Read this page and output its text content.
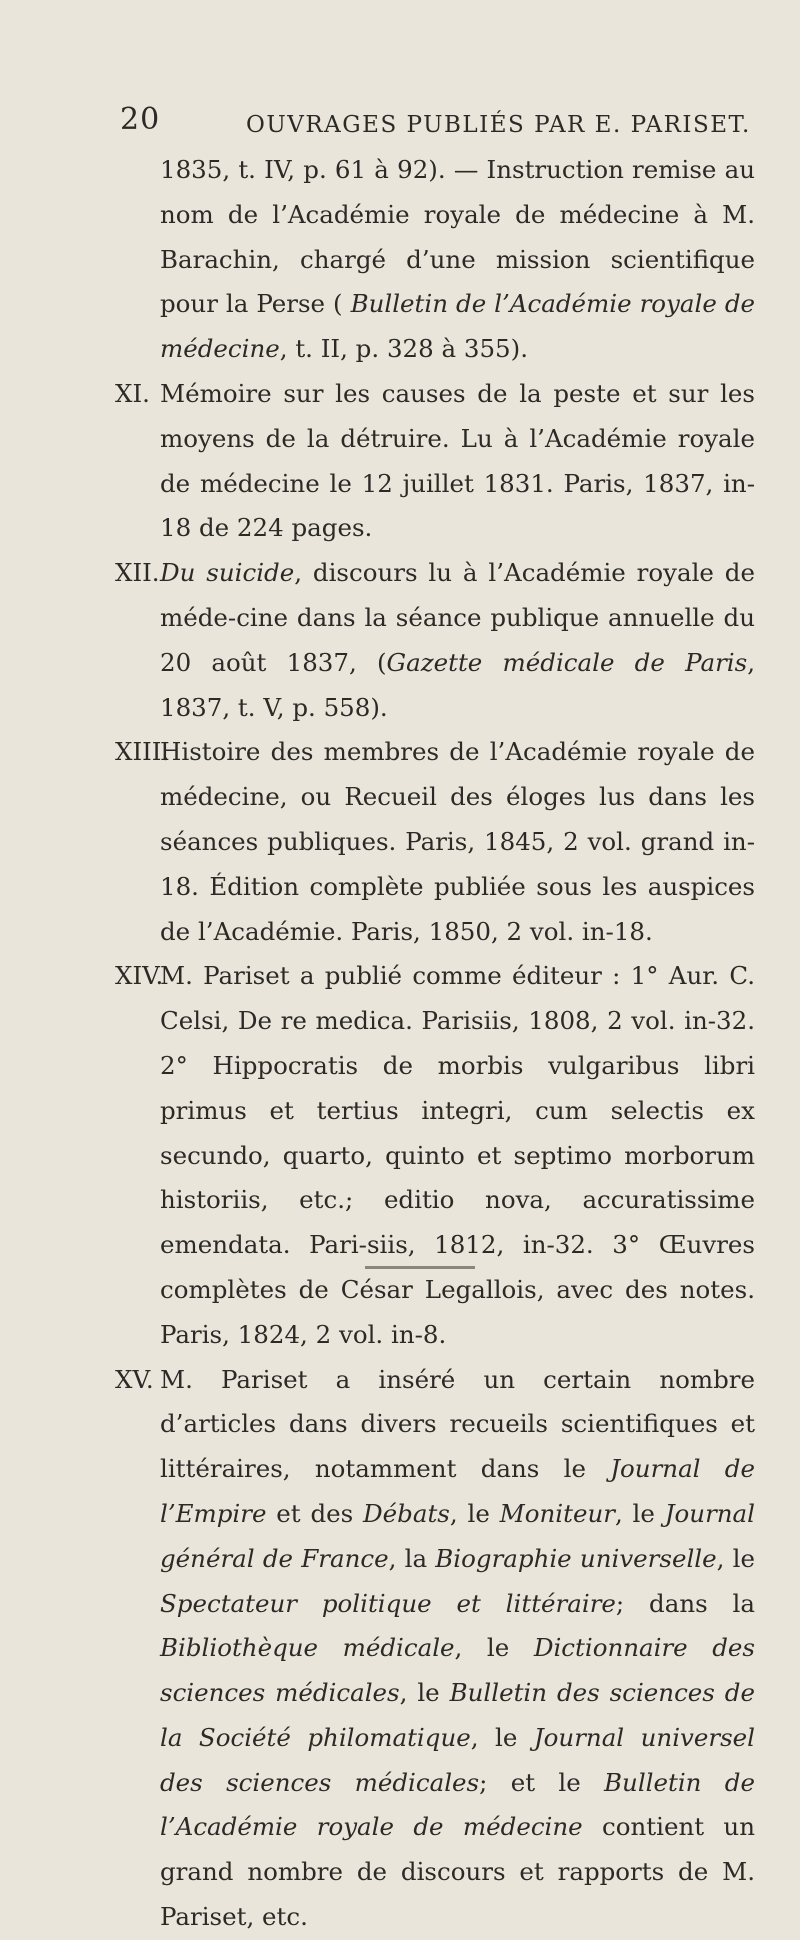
20	OUVRAGES PUBLIÉS PAR E. PARISET.
1835, t. IV, p. 61 à 92). — Instruction remise au nom de l’Académie royale de médecine à M. Barachin, chargé d’une mission scientifique pour la Perse ( Bulletin de l’Académie royale de médecine, t. II, p. 328 à 355).
XI. Mémoire sur les causes de la peste et sur les moyens de la détruire. Lu à l’Académie royale de médecine le 12 juillet 1831. Paris, 1837, in-18 de 224 pages.
XII. Du suicide, discours lu à l’Académie royale de méde-cine dans la séance publique annuelle du 20 août 1837, (Gazette médicale de Paris, 1837, t. V, p. 558).
XIII.
Histoire des membres de l’Académie royale de médecine, ou Recueil des éloges lus dans les séances publiques. Paris, 1845, 2 vol. grand in-18. Édition complète publiée sous les auspices de l’Académie. Paris, 1850, 2 vol. in-18.
XIV.
M. Pariset a publié comme éditeur : 1° Aur. C. Celsi, De re medica. Parisiis, 1808, 2 vol. in-32. 2° Hippocratis de morbis vulgaribus libri primus et tertius integri, cum selectis ex secundo, quarto, quinto et septimo morborum historiis, etc.; editio nova, accuratissime emendata. Pari-siis, 1812, in-32. 3° Œuvres complètes de César Legallois, avec des notes. Paris, 1824, 2 vol. in-8.
XV. M. Pariset a inséré un certain nombre d’articles dans divers recueils scientifiques et littéraires, notamment dans le Journal de l’Empire et des Débats, le Moniteur, le Journal général de France, la Biographie universelle, le Spectateur politique et littéraire; dans la Bibliothèque médicale, le Dictionnaire des sciences médicales, le Bulletin des sciences de la Société philomatique, le Journal universel des sciences médicales; et le Bulletin de l’Académie royale de médecine contient un grand nombre de discours et rapports de M. Pariset, etc.
